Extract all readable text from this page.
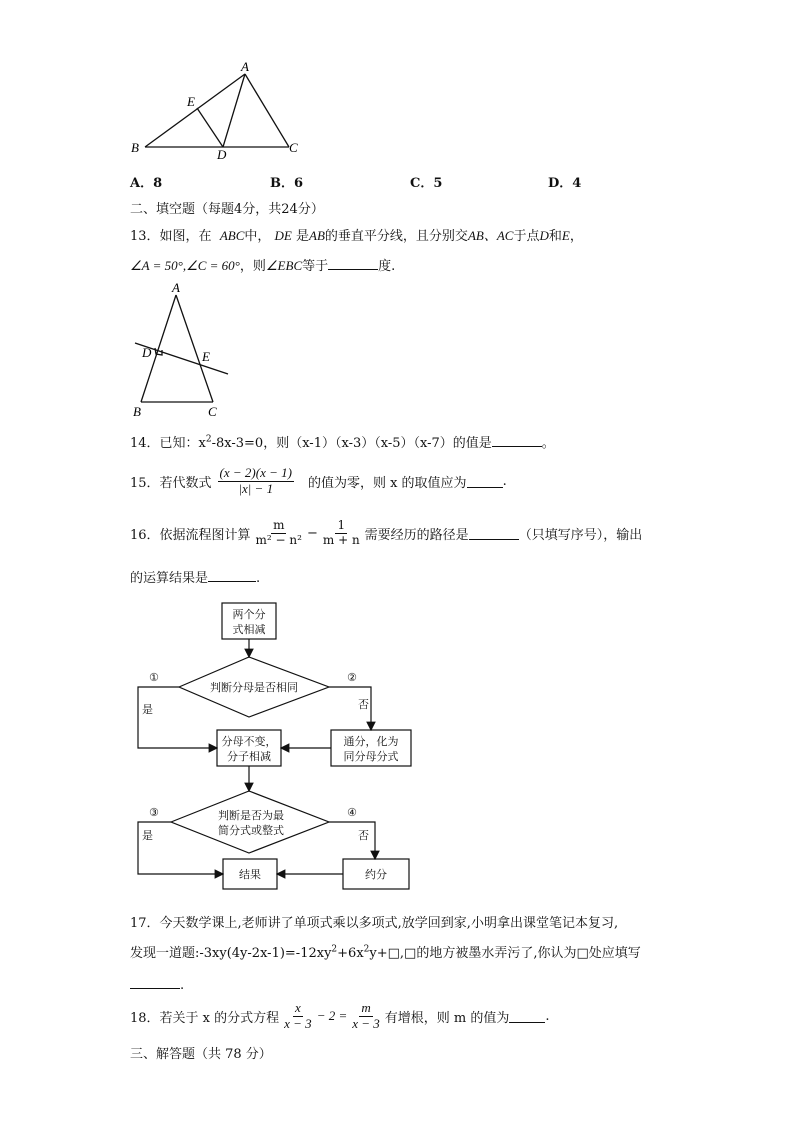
A
E
B	D	C
A．8	B．6	C．5	D．4
二、填空题（每题4分，共24分）
13．如图，在 ABC中， DE 是AB的垂直平分线，且分别交AB、AC于点D和E，
∠A = 50°,∠C = 60°，则∠EBC等于	度.
A
D	E
B	C
14．已知：$x^2-8x-3=0$，则（x-1）（x-3）（x-5）（x-7）的值是	。
15．若代数式 $\frac{(x - 2)(x - 1)}{|x| - 1}$ 的值为零，则 x 的取值应为	.
16．依据流程图计算 $\frac{m}{\text{m² − n²}} - \frac{1}{m + n}$ 需要经历的路径是	（只填写序号），输出
的运算结果是	.
两个分
式相减
判断分母是否相同
分母不变，
分子相减
通分，化为
同分母分式
判断是否为最
简分式或整式
结果	约分
是	否
是	否
①	②
③	④
17．今天数学课上,老师讲了单项式乘以多项式,放学回到家,小明拿出课堂笔记本复习,
发现一道题$:-3xy(4y-2x-1)=-12xy^2+6x^2y+□,□$的地方被墨水弄污了,你认为□处应填写
.
18．若关于 x 的分式方程 $\frac{x}{x - 3} - 2 = \frac{m}{x - 3}$ 有增根，则 m 的值为	.
三、解答题（共 78 分）
